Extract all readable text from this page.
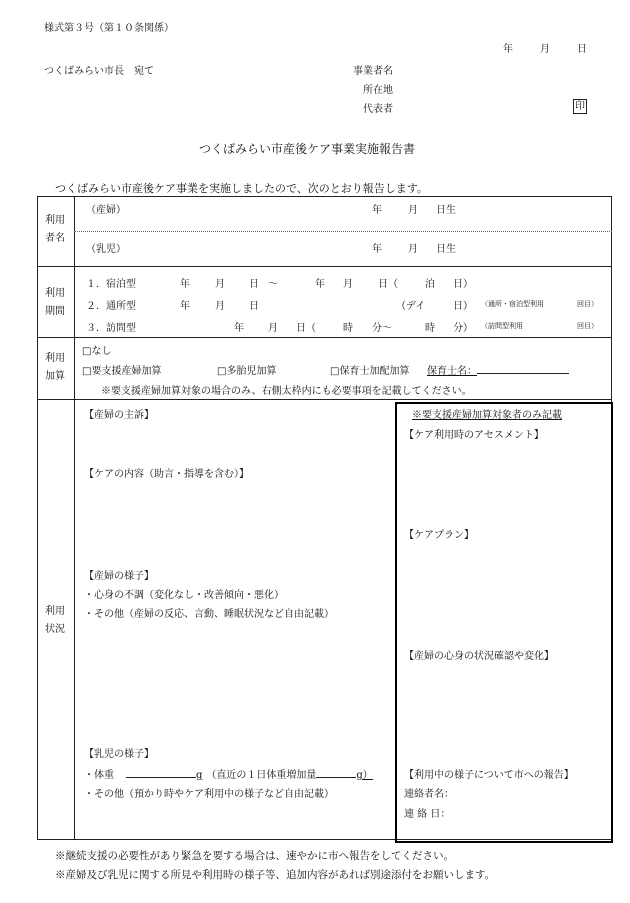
様式第３号（第１０条関係）
年	月	日
つくばみらい市長　宛て	事業者名
所在地
代表者	印
つくばみらい市産後ケア事業実施報告書
つくばみらい市産後ケア事業を実施しましたので、次のとおり報告します。
利用
者名
（産婦）	年	月 日生
（乳児）	年	月 日生
利用
期間
１．宿泊型	年	月 日 ～	年 月	日（	泊 日）
２．通所型	年	月 日	（デイ	日） （通所・宿泊型利用	回目）
３．訪問型	年 月 日（	時 分～	時 分） （訪問型利用	回目）
利用
加算
□なし
□要支援産婦加算	□多胎児加算	□保育士加配加算 保育士名：
※要支援産婦加算対象の場合のみ、右側太枠内にも必要事項を記載してください。
利用
状況
【産婦の主訴】
【ケアの内容（助言・指導を含む）】
【産婦の様子】
・心身の不調（変化なし・改善傾向・悪化）
・その他（産婦の反応、言動、睡眠状況など自由記載）
【乳児の様子】
・体重	g （直近の１日体重増加量	g）
・その他（預かり時やケア利用中の様子など自由記載）
※要支援産婦加算対象者のみ記載
【ケア利用時のアセスメント】
【ケアプラン】
【産婦の心身の状況確認や変化】
【利用中の様子について市への報告】
連絡者名：
連 絡 日：
※継続支援の必要性があり緊急を要する場合は、速やかに市へ報告をしてください。
※産婦及び乳児に関する所見や利用時の様子等、追加内容があれば別途添付をお願いします。
